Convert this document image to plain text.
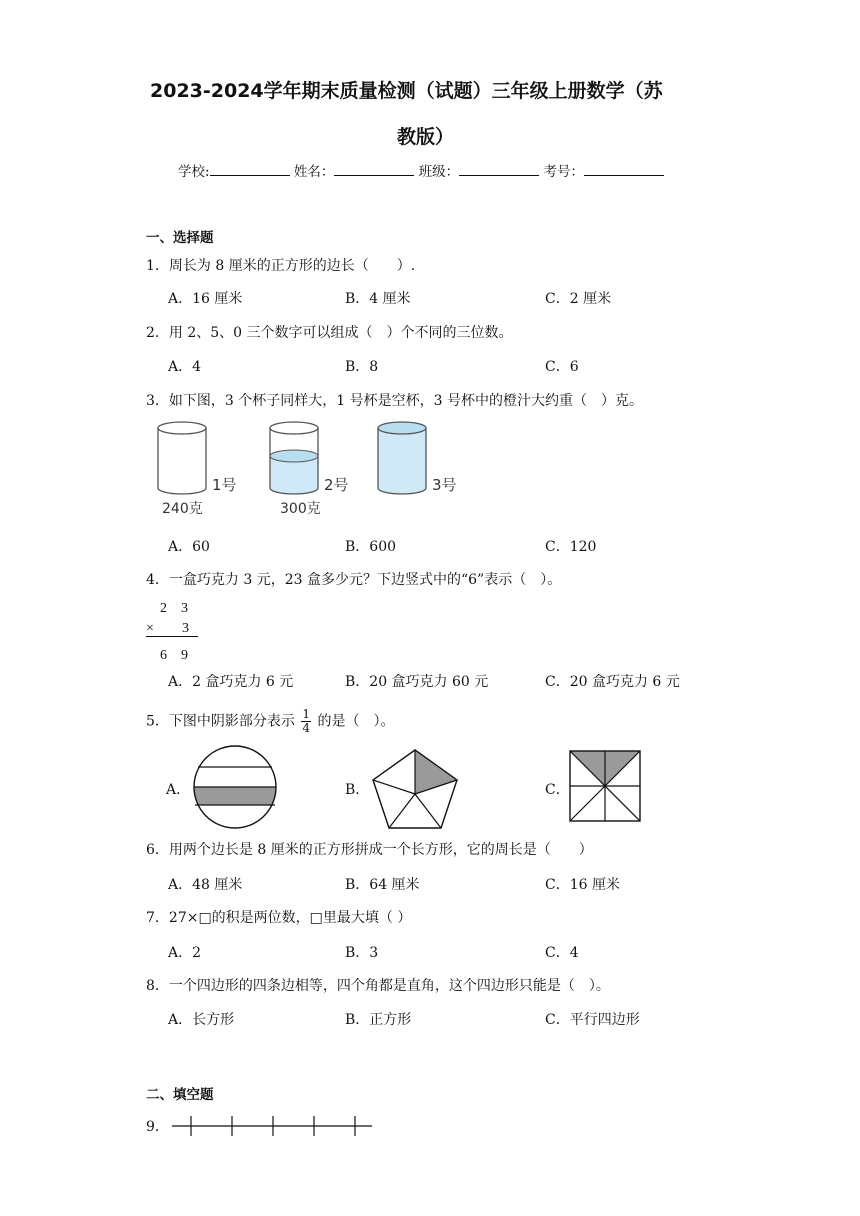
2023-2024学年期末质量检测（试题）三年级上册数学（苏
教版）
学校:	姓名：	班级：	考号：
一、选择题
1．周长为 8 厘米的正方形的边长（　　）.
A．16 厘米	B．4 厘米	C．2 厘米
2．用 2、5、0 三个数字可以组成（　）个不同的三位数。
A．4	B．8	C．6
3．如下图，3 个杯子同样大，1 号杯是空杯，3 号杯中的橙汁大约重（　）克。
1号
240克
2号
300克
3号
A．60	B．600	C．120
4．一盒巧克力 3 元，23 盒多少元？下边竖式中的“6”表示（　）。
2　3
× 3
6　9
A．2 盒巧克力 6 元	B．20 盒巧克力 60 元	C．20 盒巧克力 6 元
5．下图中阴影部分表示 $\frac{1}{4}$ 的是（　）。
A．	B．	C．
6．用两个边长是 8 厘米的正方形拼成一个长方形，它的周长是（　　）
A．48 厘米	B．64 厘米	C．16 厘米
7．27×□的积是两位数，□里最大填（ ）
A．2	B．3	C．4
8．一个四边形的四条边相等，四个角都是直角，这个四边形只能是（　）。
A．长方形	B．正方形	C．平行四边形
二、填空题
9．
